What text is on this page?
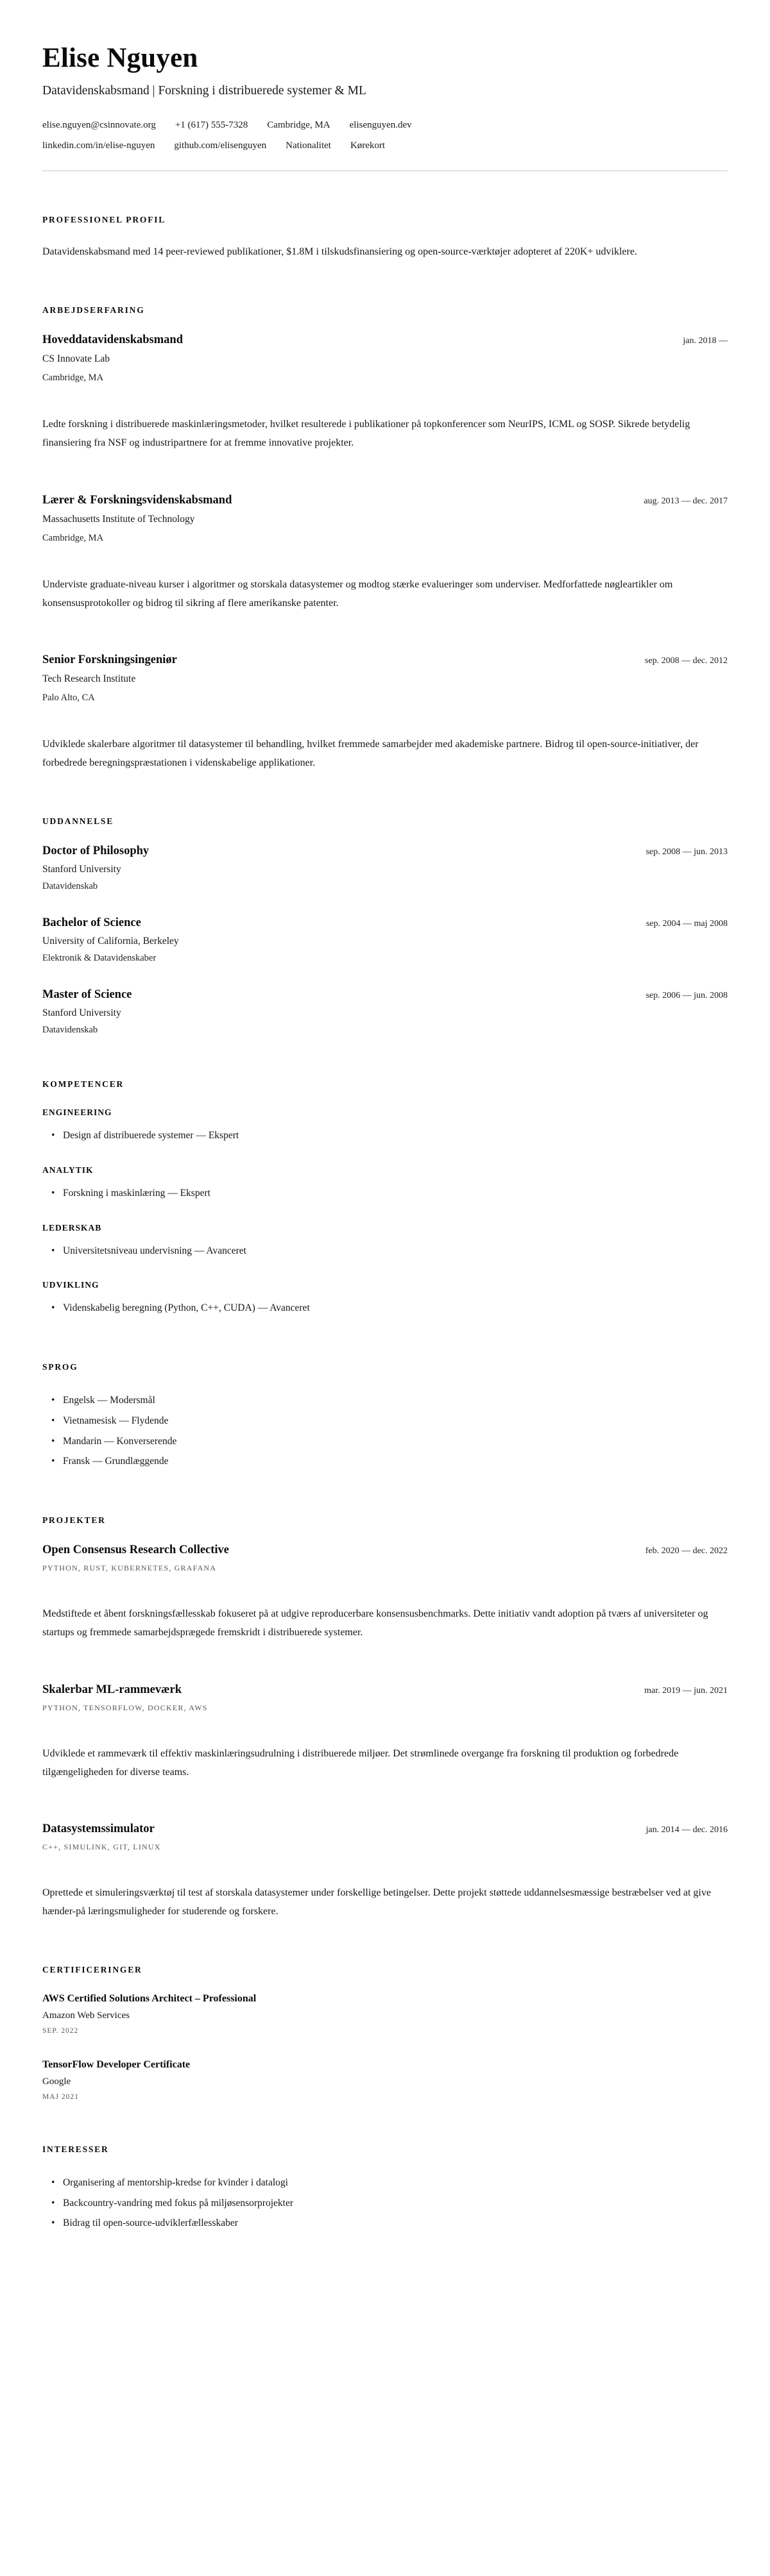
Elise Nguyen

Datavidenskabsmand | Forskning i distribuerede systemer & ML

elise.nguyen@csinnovate.org +1 (617) 555-7328 Cambridge, MA elisenguyen.dev
linkedin.com/in/elise-nguyen github.com/elisenguyen Nationalitet Kørekort
PROFESSIONEL PROFIL

Datavidenskabsmand med 14 peer-reviewed publikationer, $1.8M i tilskudsfinansiering og open-source-værktøjer adopteret af 220K+ udviklere.

ARBEJDSERFARING
Hoveddatavidenskabsmand	jan. 2018 —
CS Innovate Lab
Cambridge, MA

Ledte forskning i distribuerede maskinlæringsmetoder, hvilket resulterede i publikationer på topkonferencer som NeurIPS, ICML og SOSP. Sikrede betydelig finansiering fra NSF og industripartnere for at fremme innovative projekter.

Lærer & Forskningsvidenskabsmand	aug. 2013 — dec. 2017
Massachusetts Institute of Technology
Cambridge, MA

Underviste graduate-niveau kurser i algoritmer og storskala datasystemer og modtog stærke evalueringer som underviser. Medforfattede nøgleartikler om konsensusprotokoller og bidrog til sikring af flere amerikanske patenter.

Senior Forskningsingeniør	sep. 2008 — dec. 2012
Tech Research Institute
Palo Alto, CA

Udviklede skalerbare algoritmer til datasystemer til behandling, hvilket fremmede samarbejder med akademiske partnere. Bidrog til open-source-initiativer, der forbedrede beregningspræstationen i videnskabelige applikationer.

UDDANNELSE
Doctor of Philosophy	sep. 2008 — jun. 2013
Stanford University
Datavidenskab
Bachelor of Science	sep. 2004 — maj 2008
University of California, Berkeley
Elektronik & Datavidenskaber
Master of Science	sep. 2006 — jun. 2008
Stanford University
Datavidenskab
KOMPETENCER
ENGINEERING
• Design af distribuerede systemer — Ekspert
ANALYTIK
• Forskning i maskinlæring — Ekspert
LEDERSKAB
• Universitetsniveau undervisning — Avanceret
UDVIKLING
• Videnskabelig beregning (Python, C++, CUDA) — Avanceret
SPROG
• Engelsk — Modersmål
• Vietnamesisk — Flydende
• Mandarin — Konverserende
• Fransk — Grundlæggende
PROJEKTER
Open Consensus Research Collective	feb. 2020 — dec. 2022
PYTHON, RUST, KUBERNETES, GRAFANA

Medstiftede et åbent forskningsfællesskab fokuseret på at udgive reproducerbare konsensusbenchmarks. Dette initiativ vandt adoption på tværs af universiteter og startups og fremmede samarbejdsprægede fremskridt i distribuerede systemer.

Skalerbar ML-rammeværk	mar. 2019 — jun. 2021
PYTHON, TENSORFLOW, DOCKER, AWS

Udviklede et rammeværk til effektiv maskinlæringsudrulning i distribuerede miljøer. Det strømlinede overgange fra forskning til produktion og forbedrede tilgængeligheden for diverse teams.

Datasystemssimulator	jan. 2014 — dec. 2016
C++, SIMULINK, GIT, LINUX

Oprettede et simuleringsværktøj til test af storskala datasystemer under forskellige betingelser. Dette projekt støttede uddannelsesmæssige bestræbelser ved at give hænder-på læringsmuligheder for studerende og forskere.

CERTIFICERINGER
AWS Certified Solutions Architect – Professional
Amazon Web Services
SEP. 2022
TensorFlow Developer Certificate
Google
MAJ 2021
INTERESSER
• Organisering af mentorship-kredse for kvinder i datalogi
• Backcountry-vandring med fokus på miljøsensorprojekter
• Bidrag til open-source-udviklerfællesskaber
